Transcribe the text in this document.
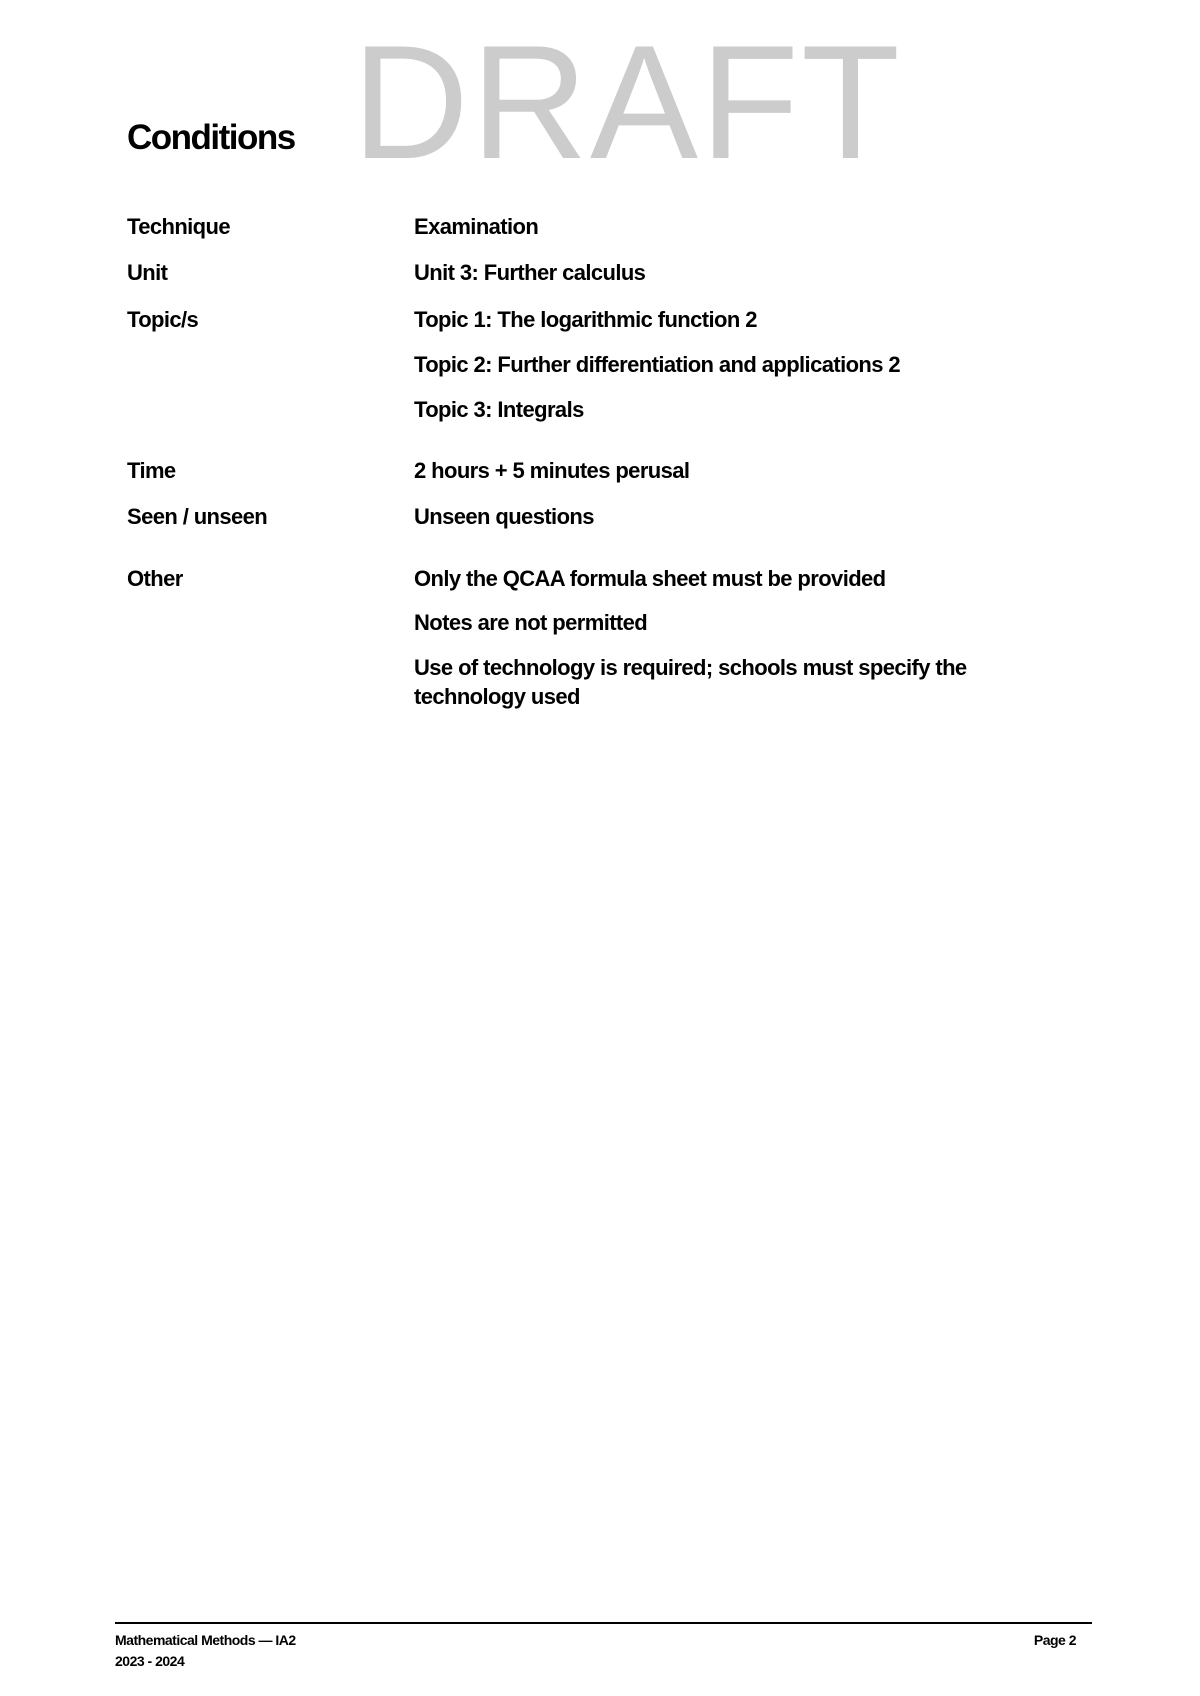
DRAFT
Conditions
Technique	Examination
Unit	Unit 3: Further calculus
Topic/s	Topic 1: The logarithmic function 2
Topic 2: Further differentiation and applications 2
Topic 3: Integrals
Time	2 hours + 5 minutes perusal
Seen / unseen	Unseen questions
Other	Only the QCAA formula sheet must be provided
Notes are not permitted
Use of technology is required; schools must specify the technology used
Mathematical Methods — IA2
2023 - 2024
Page 2
